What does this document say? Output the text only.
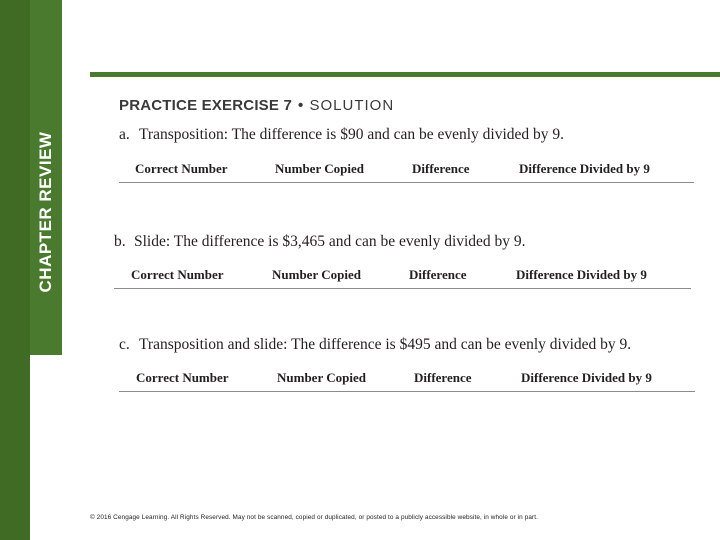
CHAPTER REVIEW
PRACTICE EXERCISE 7 • SOLUTION
a. Transposition: The difference is $90 and can be evenly divided by 9.
Correct Number	Number Copied	Difference	Difference Divided by 9
b. Slide: The difference is $3,465 and can be evenly divided by 9.
Correct Number	Number Copied	Difference	Difference Divided by 9
c. Transposition and slide: The difference is $495 and can be evenly divided by 9.
Correct Number	Number Copied	Difference	Difference Divided by 9
© 2016 Cengage Learning. All Rights Reserved. May not be scanned, copied or duplicated, or posted to a publicly accessible website, in whole or in part.
